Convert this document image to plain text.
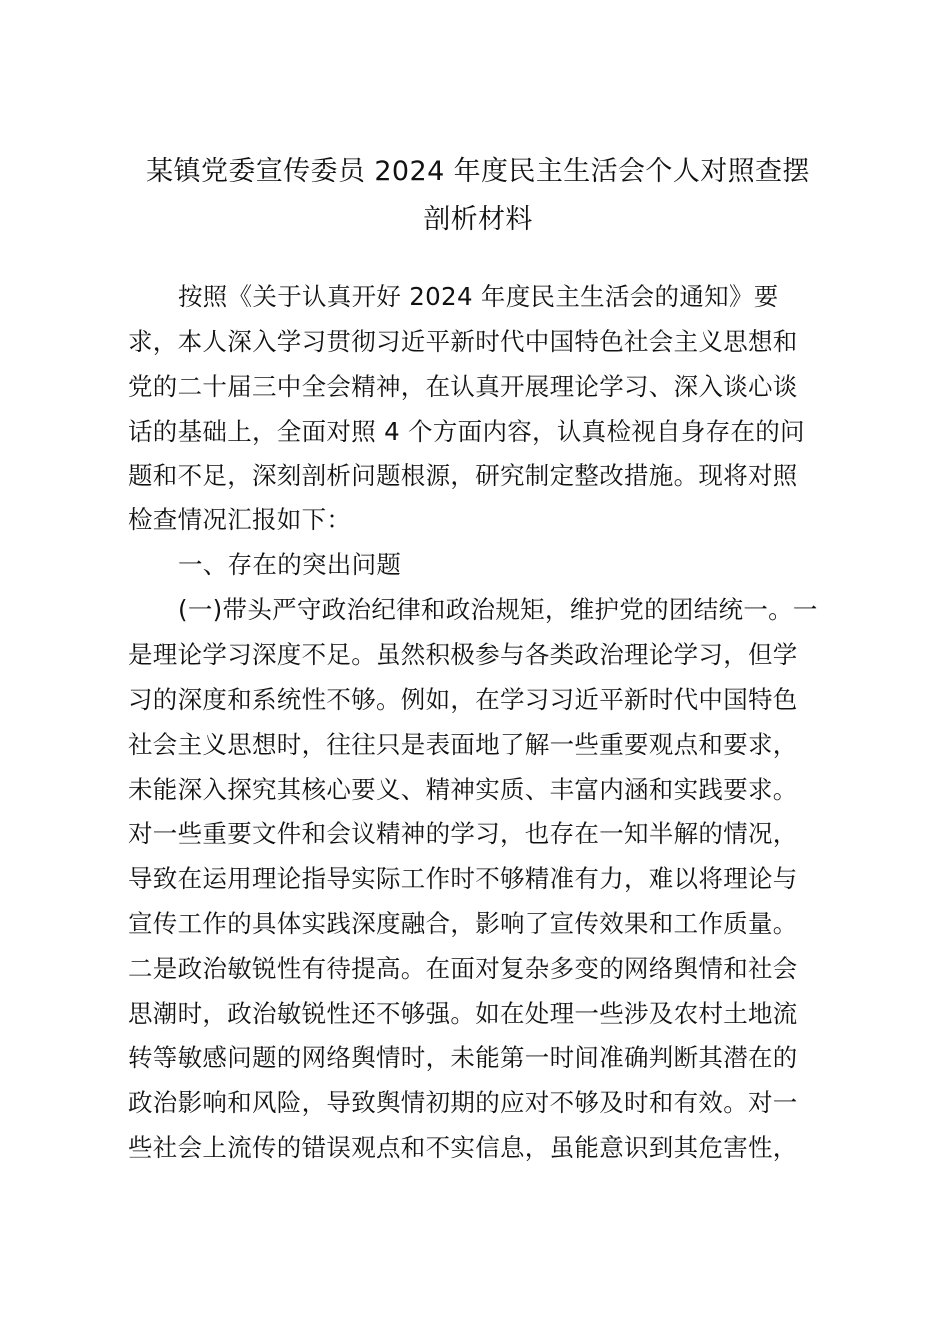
某镇党委宣传委员 2024 年度民主生活会个人对照查摆
剖析材料
按照《关于认真开好 2024 年度民主生活会的通知》要
求，本人深入学习贯彻习近平新时代中国特色社会主义思想和
党的二十届三中全会精神，在认真开展理论学习、深入谈心谈
话的基础上，全面对照 4 个方面内容，认真检视自身存在的问
题和不足，深刻剖析问题根源，研究制定整改措施。现将对照
检查情况汇报如下：
一、存在的突出问题
(一)带头严守政治纪律和政治规矩，维护党的团结统一。一
是理论学习深度不足。虽然积极参与各类政治理论学习，但学
习的深度和系统性不够。例如，在学习习近平新时代中国特色
社会主义思想时，往往只是表面地了解一些重要观点和要求，
未能深入探究其核心要义、精神实质、丰富内涵和实践要求。
对一些重要文件和会议精神的学习，也存在一知半解的情况，
导致在运用理论指导实际工作时不够精准有力，难以将理论与
宣传工作的具体实践深度融合，影响了宣传效果和工作质量。
二是政治敏锐性有待提高。在面对复杂多变的网络舆情和社会
思潮时，政治敏锐性还不够强。如在处理一些涉及农村土地流
转等敏感问题的网络舆情时，未能第一时间准确判断其潜在的
政治影响和风险，导致舆情初期的应对不够及时和有效。对一
些社会上流传的错误观点和不实信息，虽能意识到其危害性，
